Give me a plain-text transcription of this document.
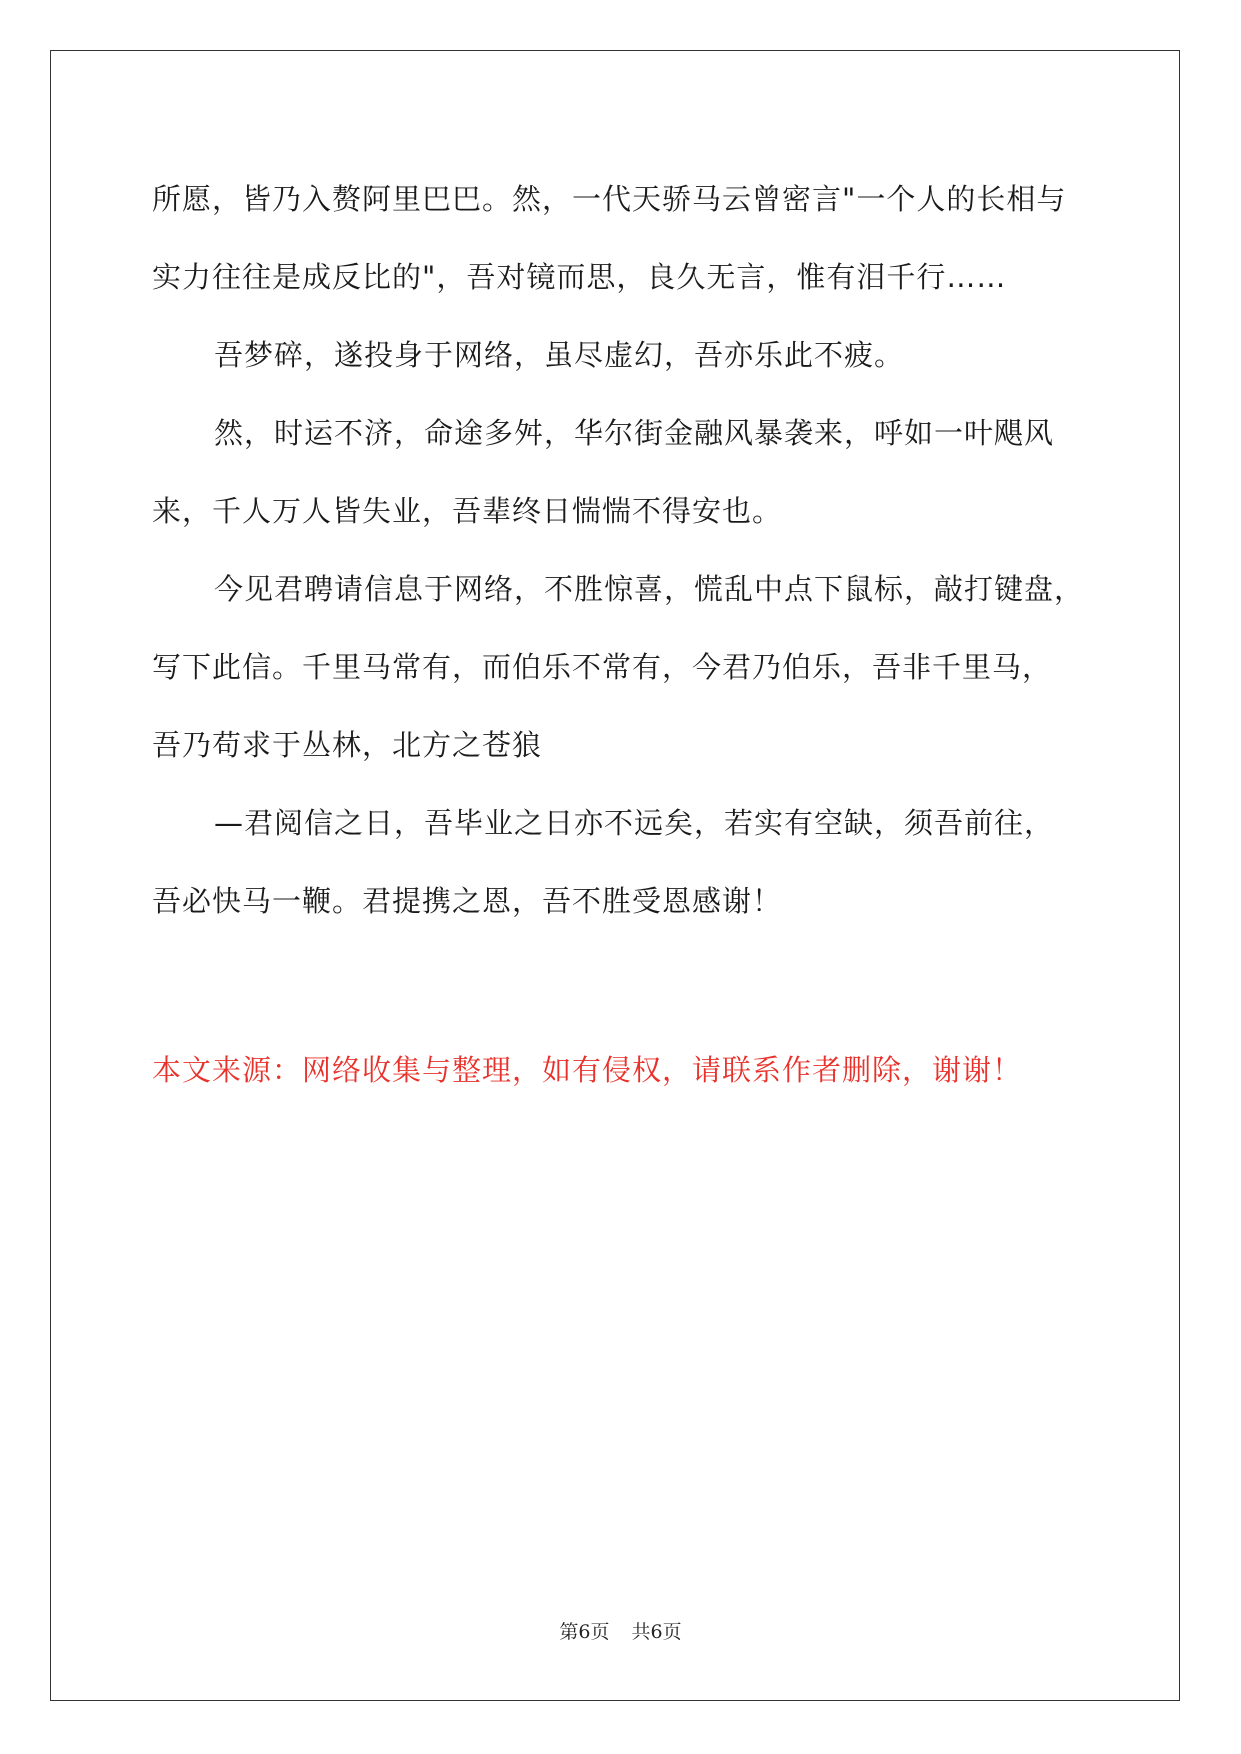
所愿，皆乃入赘阿里巴巴。然，一代天骄马云曾密言"一个人的长相与
实力往往是成反比的"，吾对镜而思，良久无言，惟有泪千行……
吾梦碎，遂投身于网络，虽尽虚幻，吾亦乐此不疲。
然，时运不济，命途多舛，华尔街金融风暴袭来，呼如一叶飓风
来，千人万人皆失业，吾辈终日惴惴不得安也。
今见君聘请信息于网络，不胜惊喜，慌乱中点下鼠标，敲打键盘，
写下此信。千里马常有，而伯乐不常有，今君乃伯乐，吾非千里马，
吾乃苟求于丛林，北方之苍狼
—君阅信之日，吾毕业之日亦不远矣，若实有空缺，须吾前往，
吾必快马一鞭。君提携之恩，吾不胜受恩感谢！
本文来源：网络收集与整理，如有侵权，请联系作者删除，谢谢！
第6页 共6页
